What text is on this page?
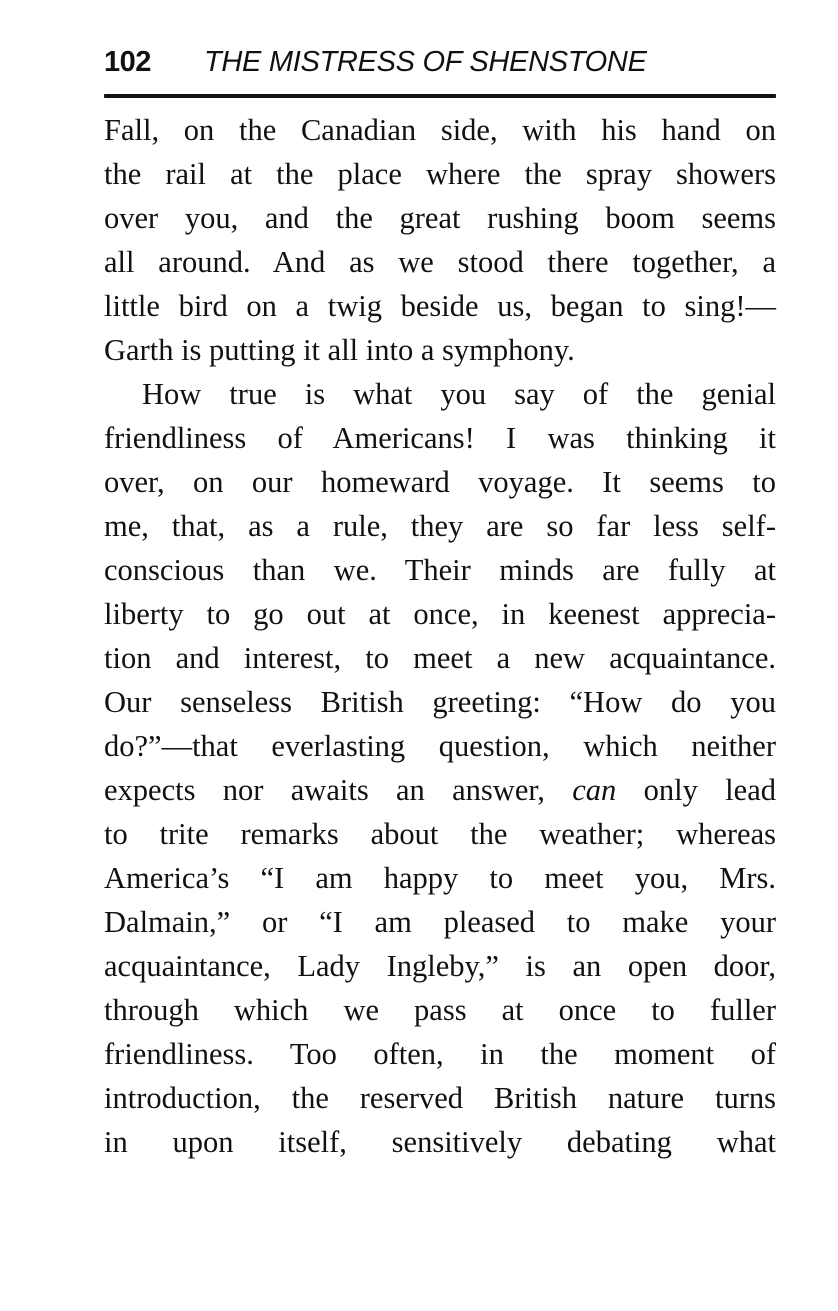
102 THE MISTRESS OF SHENSTONE
Fall, on the Canadian side, with his hand on
the rail at the place where the spray showers
over you, and the great rushing boom seems
all around. And as we stood there together, a
little bird on a twig beside us, began to sing!—
Garth is putting it all into a symphony.
How true is what you say of the genial
friendliness of Americans! I was thinking it
over, on our homeward voyage. It seems to
me, that, as a rule, they are so far less self-
conscious than we. Their minds are fully at
liberty to go out at once, in keenest apprecia-
tion and interest, to meet a new acquaintance.
Our senseless British greeting: “How do you
do?”—that everlasting question, which neither
expects nor awaits an answer, can only lead
to trite remarks about the weather; whereas
America’s “I am happy to meet you, Mrs.
Dalmain,” or “I am pleased to make your
acquaintance, Lady Ingleby,” is an open door,
through which we pass at once to fuller
friendliness. Too often, in the moment of
introduction, the reserved British nature turns
in upon itself, sensitively debating what
